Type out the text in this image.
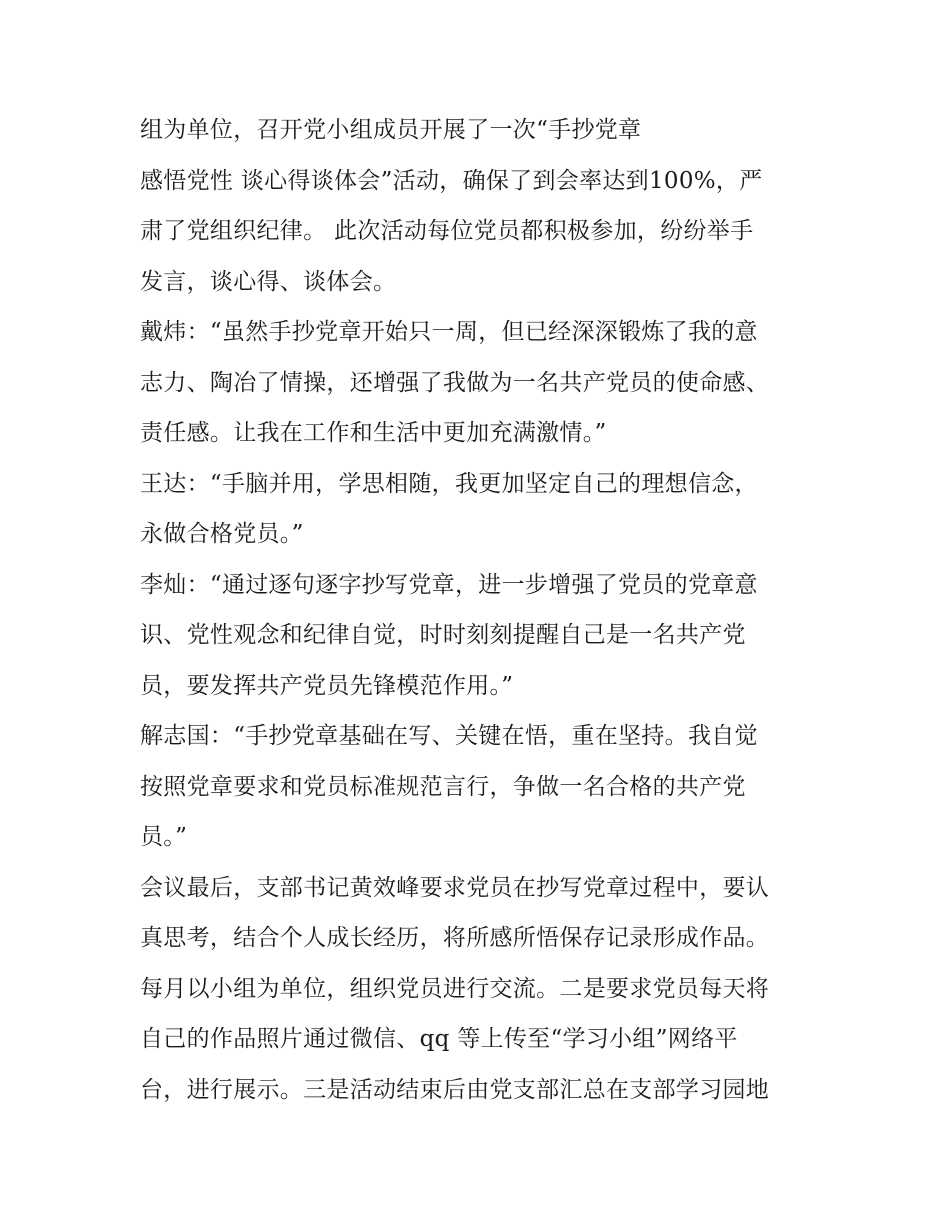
组为单位，召开党小组成员开展了一次“手抄党章
感悟党性 谈心得谈体会”活动，确保了到会率达到100%，严
肃了党组织纪律。 此次活动每位党员都积极参加，纷纷举手
发言，谈心得、谈体会。
戴炜：“虽然手抄党章开始只一周，但已经深深锻炼了我的意
志力、陶冶了情操，还增强了我做为一名共产党员的使命感、
责任感。让我在工作和生活中更加充满激情。”
王达：“手脑并用，学思相随，我更加坚定自己的理想信念，
永做合格党员。”
李灿：“通过逐句逐字抄写党章，进一步增强了党员的党章意
识、党性观念和纪律自觉，时时刻刻提醒自己是一名共产党
员，要发挥共产党员先锋模范作用。”
解志国：“手抄党章基础在写、关键在悟，重在坚持。我自觉
按照党章要求和党员标准规范言行，争做一名合格的共产党
员。”
会议最后，支部书记黄效峰要求党员在抄写党章过程中，要认
真思考，结合个人成长经历，将所感所悟保存记录形成作品。
每月以小组为单位，组织党员进行交流。二是要求党员每天将
自己的作品照片通过微信、qq 等上传至“学习小组”网络平
台，进行展示。三是活动结束后由党支部汇总在支部学习园地
